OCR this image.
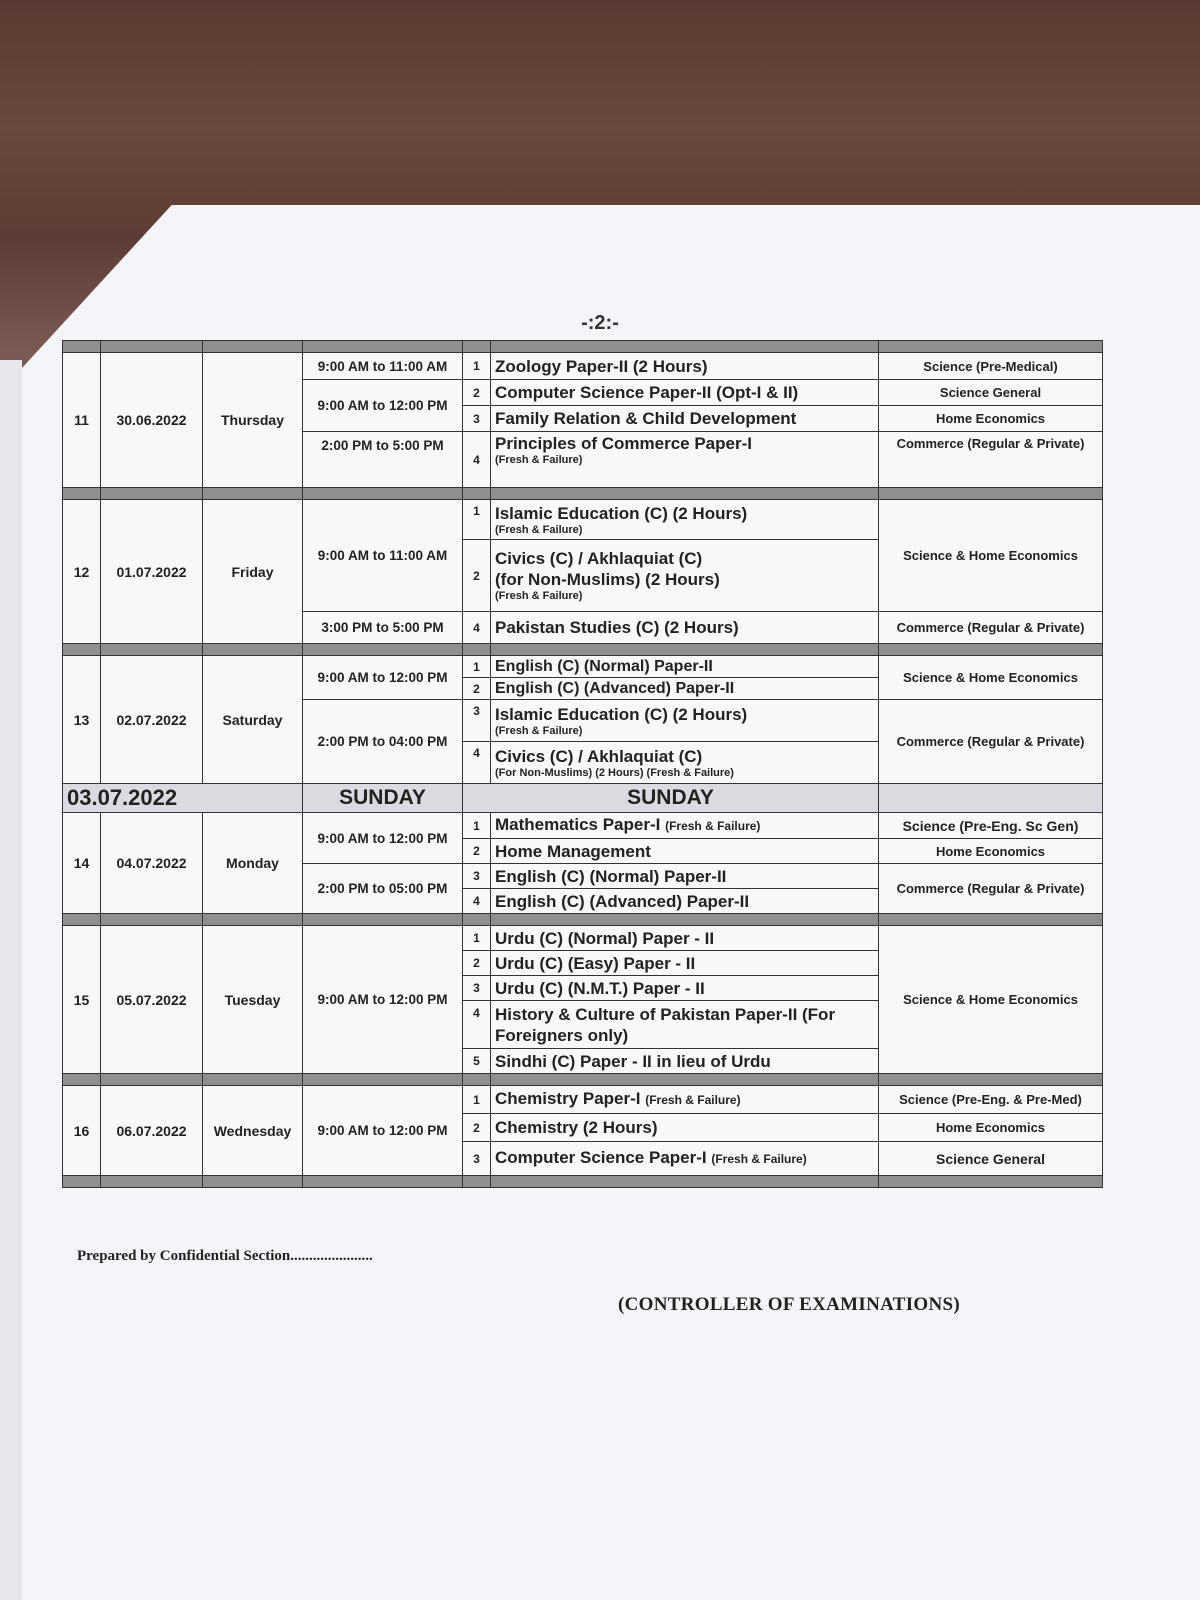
-:2:-

11	30.06.2022	Thursday	9:00 AM to 11:00 AM	1	Zoology Paper-II (2 Hours)	Science (Pre-Medical)
			9:00 AM to 12:00 PM	2	Computer Science Paper-II (Opt-I & II)	Science General
				3	Family Relation & Child Development	Home Economics
			2:00 PM to 5:00 PM	4	Principles of Commerce Paper-I
(Fresh & Failure)	Commerce (Regular & Private)

12	01.07.2022	Friday	9:00 AM to 11:00 AM	1	Islamic Education (C) (2 Hours)
(Fresh & Failure)	Science & Home Economics
				2	Civics (C) / Akhlaquiat (C)
(for Non-Muslims) (2 Hours)
(Fresh & Failure)	

			3:00 PM to 5:00 PM	4	Pakistan Studies (C) (2 Hours)	Commerce (Regular & Private)

13	02.07.2022	Saturday	9:00 AM to 12:00 PM	1	English (C) (Normal) Paper-II	Science & Home Economics
				2	English (C) (Advanced) Paper-II	
			2:00 PM to 04:00 PM	3	Islamic Education (C) (2 Hours)
(Fresh & Failure)	Commerce (Regular & Private)
				4	Civics (C) / Akhlaquiat (C)
(For Non-Muslims) (2 Hours) (Fresh & Failure)	

03.07.2022			SUNDAY	SUNDAY		
14	04.07.2022	Monday	9:00 AM to 12:00 PM	1	Mathematics Paper-I (Fresh & Failure)	Science (Pre-Eng. Sc Gen)
				2	Home Management	Home Economics
			2:00 PM to 05:00 PM	3	English (C) (Normal) Paper-II	Commerce (Regular & Private)
				4	English (C) (Advanced) Paper-II	

15	05.07.2022	Tuesday	9:00 AM to 12:00 PM	1	Urdu (C) (Normal) Paper - II	Science & Home Economics
				2	Urdu (C) (Easy) Paper - II	
				3	Urdu (C) (N.M.T.) Paper - II	
				4	History & Culture of Pakistan Paper-II (For Foreigners only)	
				5	Sindhi (C) Paper - II in lieu of Urdu	

16	06.07.2022	Wednesday	9:00 AM to 12:00 PM	1	Chemistry Paper-I (Fresh & Failure)	Science (Pre-Eng. & Pre-Med)
				2	Chemistry (2 Hours)	Home Economics
				3	Computer Science Paper-I (Fresh & Failure)	Science General

Prepared by Confidential Section......................
(CONTROLLER OF EXAMINATIONS)
